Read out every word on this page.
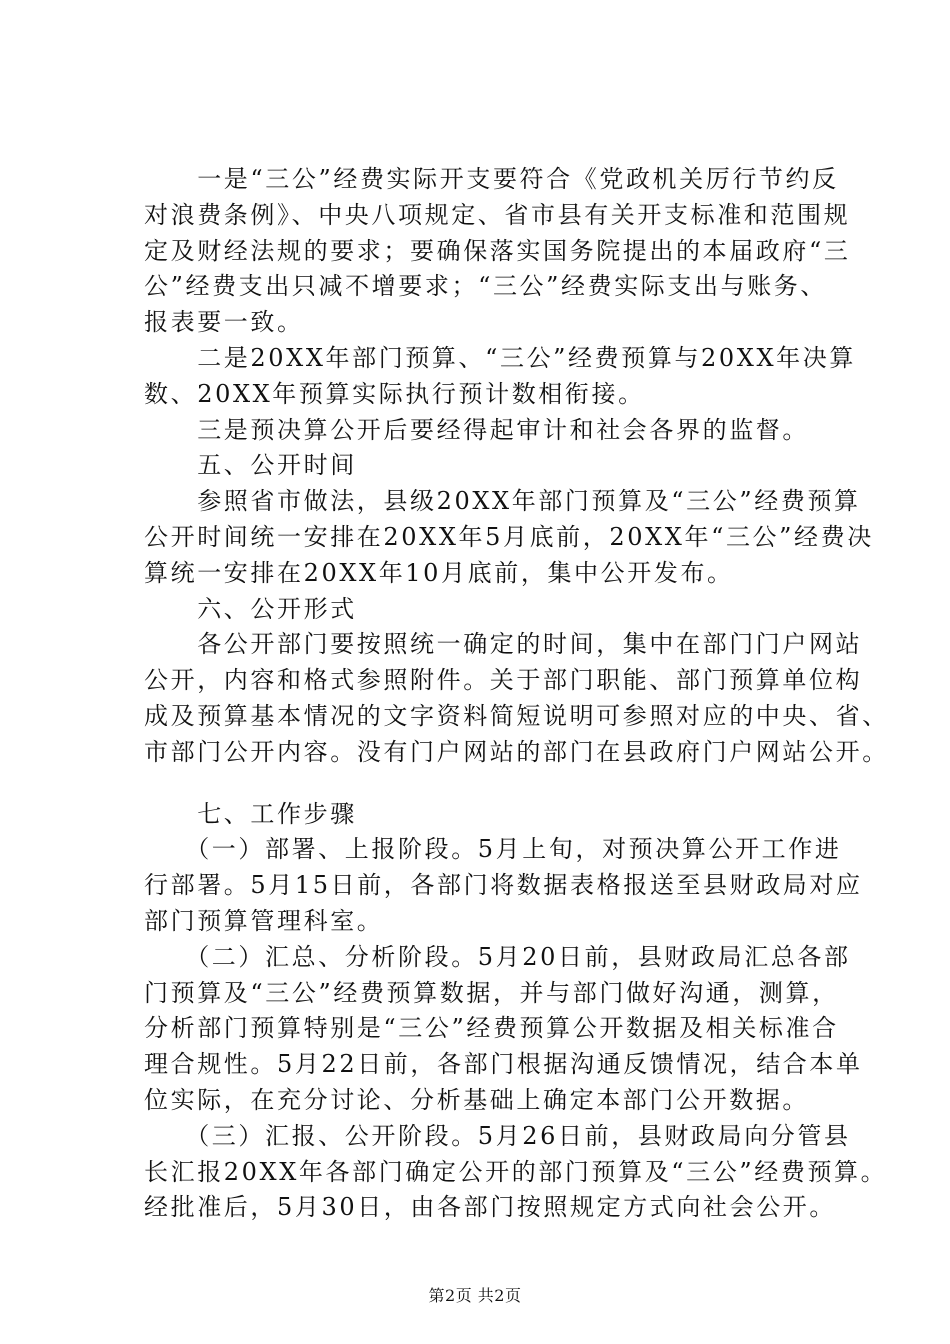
　　一是“三公”经费实际开支要符合《党政机关厉行节约反
对浪费条例》、中央八项规定、省市县有关开支标准和范围规
定及财经法规的要求；要确保落实国务院提出的本届政府“三
公”经费支出只减不增要求；“三公”经费实际支出与账务、
报表要一致。
　　二是20XX年部门预算、“三公”经费预算与20XX年决算
数、20XX年预算实际执行预计数相衔接。
　　三是预决算公开后要经得起审计和社会各界的监督。
　　五、公开时间
　　参照省市做法，县级20XX年部门预算及“三公”经费预算
公开时间统一安排在20XX年5月底前，20XX年“三公”经费决
算统一安排在20XX年10月底前，集中公开发布。
　　六、公开形式
　　各公开部门要按照统一确定的时间，集中在部门门户网站
公开，内容和格式参照附件。关于部门职能、部门预算单位构
成及预算基本情况的文字资料简短说明可参照对应的中央、省、
市部门公开内容。没有门户网站的部门在县政府门户网站公开。
　　七、工作步骤
　　（一）部署、上报阶段。5月上旬，对预决算公开工作进
行部署。5月15日前，各部门将数据表格报送至县财政局对应
部门预算管理科室。
　　（二）汇总、分析阶段。5月20日前，县财政局汇总各部
门预算及“三公”经费预算数据，并与部门做好沟通，测算，
分析部门预算特别是“三公”经费预算公开数据及相关标准合
理合规性。5月22日前，各部门根据沟通反馈情况，结合本单
位实际，在充分讨论、分析基础上确定本部门公开数据。
　　（三）汇报、公开阶段。5月26日前，县财政局向分管县
长汇报20XX年各部门确定公开的部门预算及“三公”经费预算。
经批准后，5月30日，由各部门按照规定方式向社会公开。
第2页 共2页
